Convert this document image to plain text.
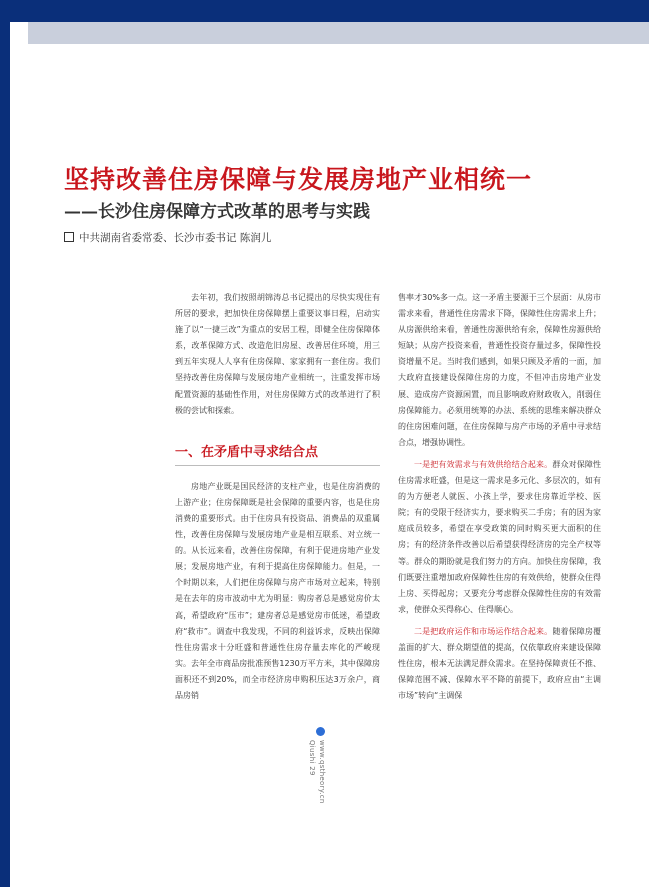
坚持改善住房保障与发展房地产业相统一
——长沙住房保障方式改革的思考与实践

中共湖南省委常委、长沙市委书记 陈润儿

去年初，我们按照胡锦涛总书记提出的尽快实现住有所居的要求，把加快住房保障摆上重要议事日程，启动实施了以“一捷三改”为重点的安居工程，即健全住房保障体系，改革保障方式、改造危旧房屋、改善居住环境，用三到五年实现人人享有住房保障、家家拥有一套住房。我们坚持改善住房保障与发展房地产业相统一，注重发挥市场配置资源的基础性作用，对住房保障方式的改革进行了积极的尝试和探索。

一、在矛盾中寻求结合点

房地产业既是国民经济的支柱产业，也是住房消费的上游产业；住房保障既是社会保障的重要内容，也是住房消费的重要形式。由于住房具有投资品、消费品的双重属性，改善住房保障与发展房地产业是相互联系、对立统一的。从长远来看，改善住房保障，有利于促进房地产业发展；发展房地产业，有利于提高住房保障能力。但是，一个时期以来，人们把住房保障与房产市场对立起来，特别是在去年的房市波动中尤为明显：购房者总是感觉房价太高，希望政府“压市”；建房者总是感觉房市低迷，希望政府“救市”。调查中我发现，不同的利益诉求，反映出保障性住房需求十分旺盛和普通性住房存量去库化的严峻现实。去年全市商品房批准预售1230万平方米，其中保障房面积还不到20%，而全市经济房申购积压达3万余户，商品房销

售率才30%多一点。这一矛盾主要源于三个层面：从房市需求来看，普通性住房需求下降，保障性住房需求上升；从房源供给来看，普通性房源供给有余，保障性房源供给短缺；从房产投资来看，普通性投资存量过多，保障性投资增量不足。当时我们感到，如果只顾及矛盾的一面，加大政府直接建设保障住房的力度，不但冲击房地产业发展、造成房产资源闲置，而且影响政府财政收入，削弱住房保障能力。必须用统筹的办法、系统的思维来解决群众的住房困难问题，在住房保障与房产市场的矛盾中寻求结合点，增强协调性。

一是把有效需求与有效供给结合起来。群众对保障性住房需求旺盛，但是这一需求是多元化、多层次的，如有的为方便老人就医、小孩上学，要求住房靠近学校、医院；有的受限于经济实力，要求购买二手房；有的因为家庭成员较多，希望在享受政策的同时购买更大面积的住房；有的经济条件改善以后希望获得经济房的完全产权等等。群众的期盼就是我们努力的方向。加快住房保障，我们既要注重增加政府保障性住房的有效供给，使群众住得上房、买得起房；又要充分考虑群众保障性住房的有效需求，使群众买得称心、住得顺心。

二是把政府运作和市场运作结合起来。随着保障房覆盖面的扩大、群众期望值的提高，仅依靠政府来建设保障性住房，根本无法满足群众需求。在坚持保障责任不推、保障范围不减、保障水平不降的前提下，政府应由“主调市场”转向“主调保

www.qstheory.cn
Qiushi 29
